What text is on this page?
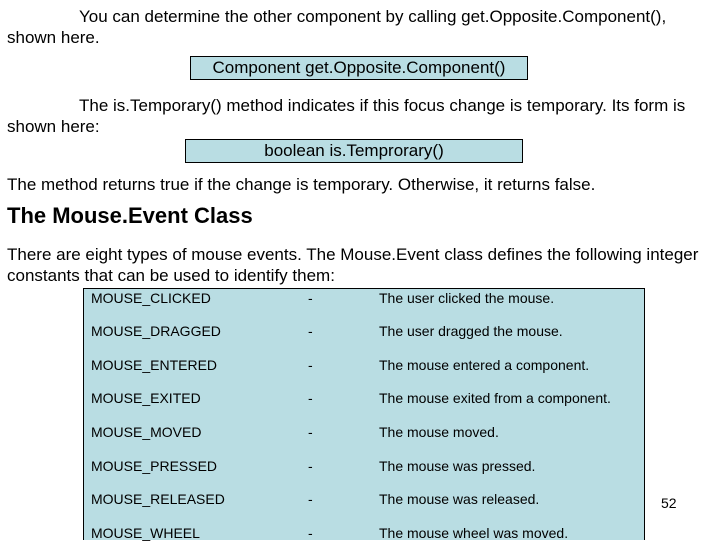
You can determine the other component by calling get.Opposite.Component(), shown here.
Component get.Opposite.Component()
The is.Temporary() method indicates if this focus change is temporary. Its form is shown here:
boolean is.Temprorary()
The method returns true if the change is temporary. Otherwise, it returns false.
The Mouse.Event Class
There are eight types of mouse events. The Mouse.Event class defines the following integer constants that can be used to identify them:
MOUSE_CLICKED	-	The user clicked the mouse.
MOUSE_DRAGGED	-	The user dragged the mouse.
MOUSE_ENTERED	-	The mouse entered a component.
MOUSE_EXITED	-	The mouse exited from a component.
MOUSE_MOVED	-	The mouse moved.
MOUSE_PRESSED	-	The mouse was pressed.
MOUSE_RELEASED	-	The mouse was released.
MOUSE_WHEEL	-	The mouse wheel was moved.
52
